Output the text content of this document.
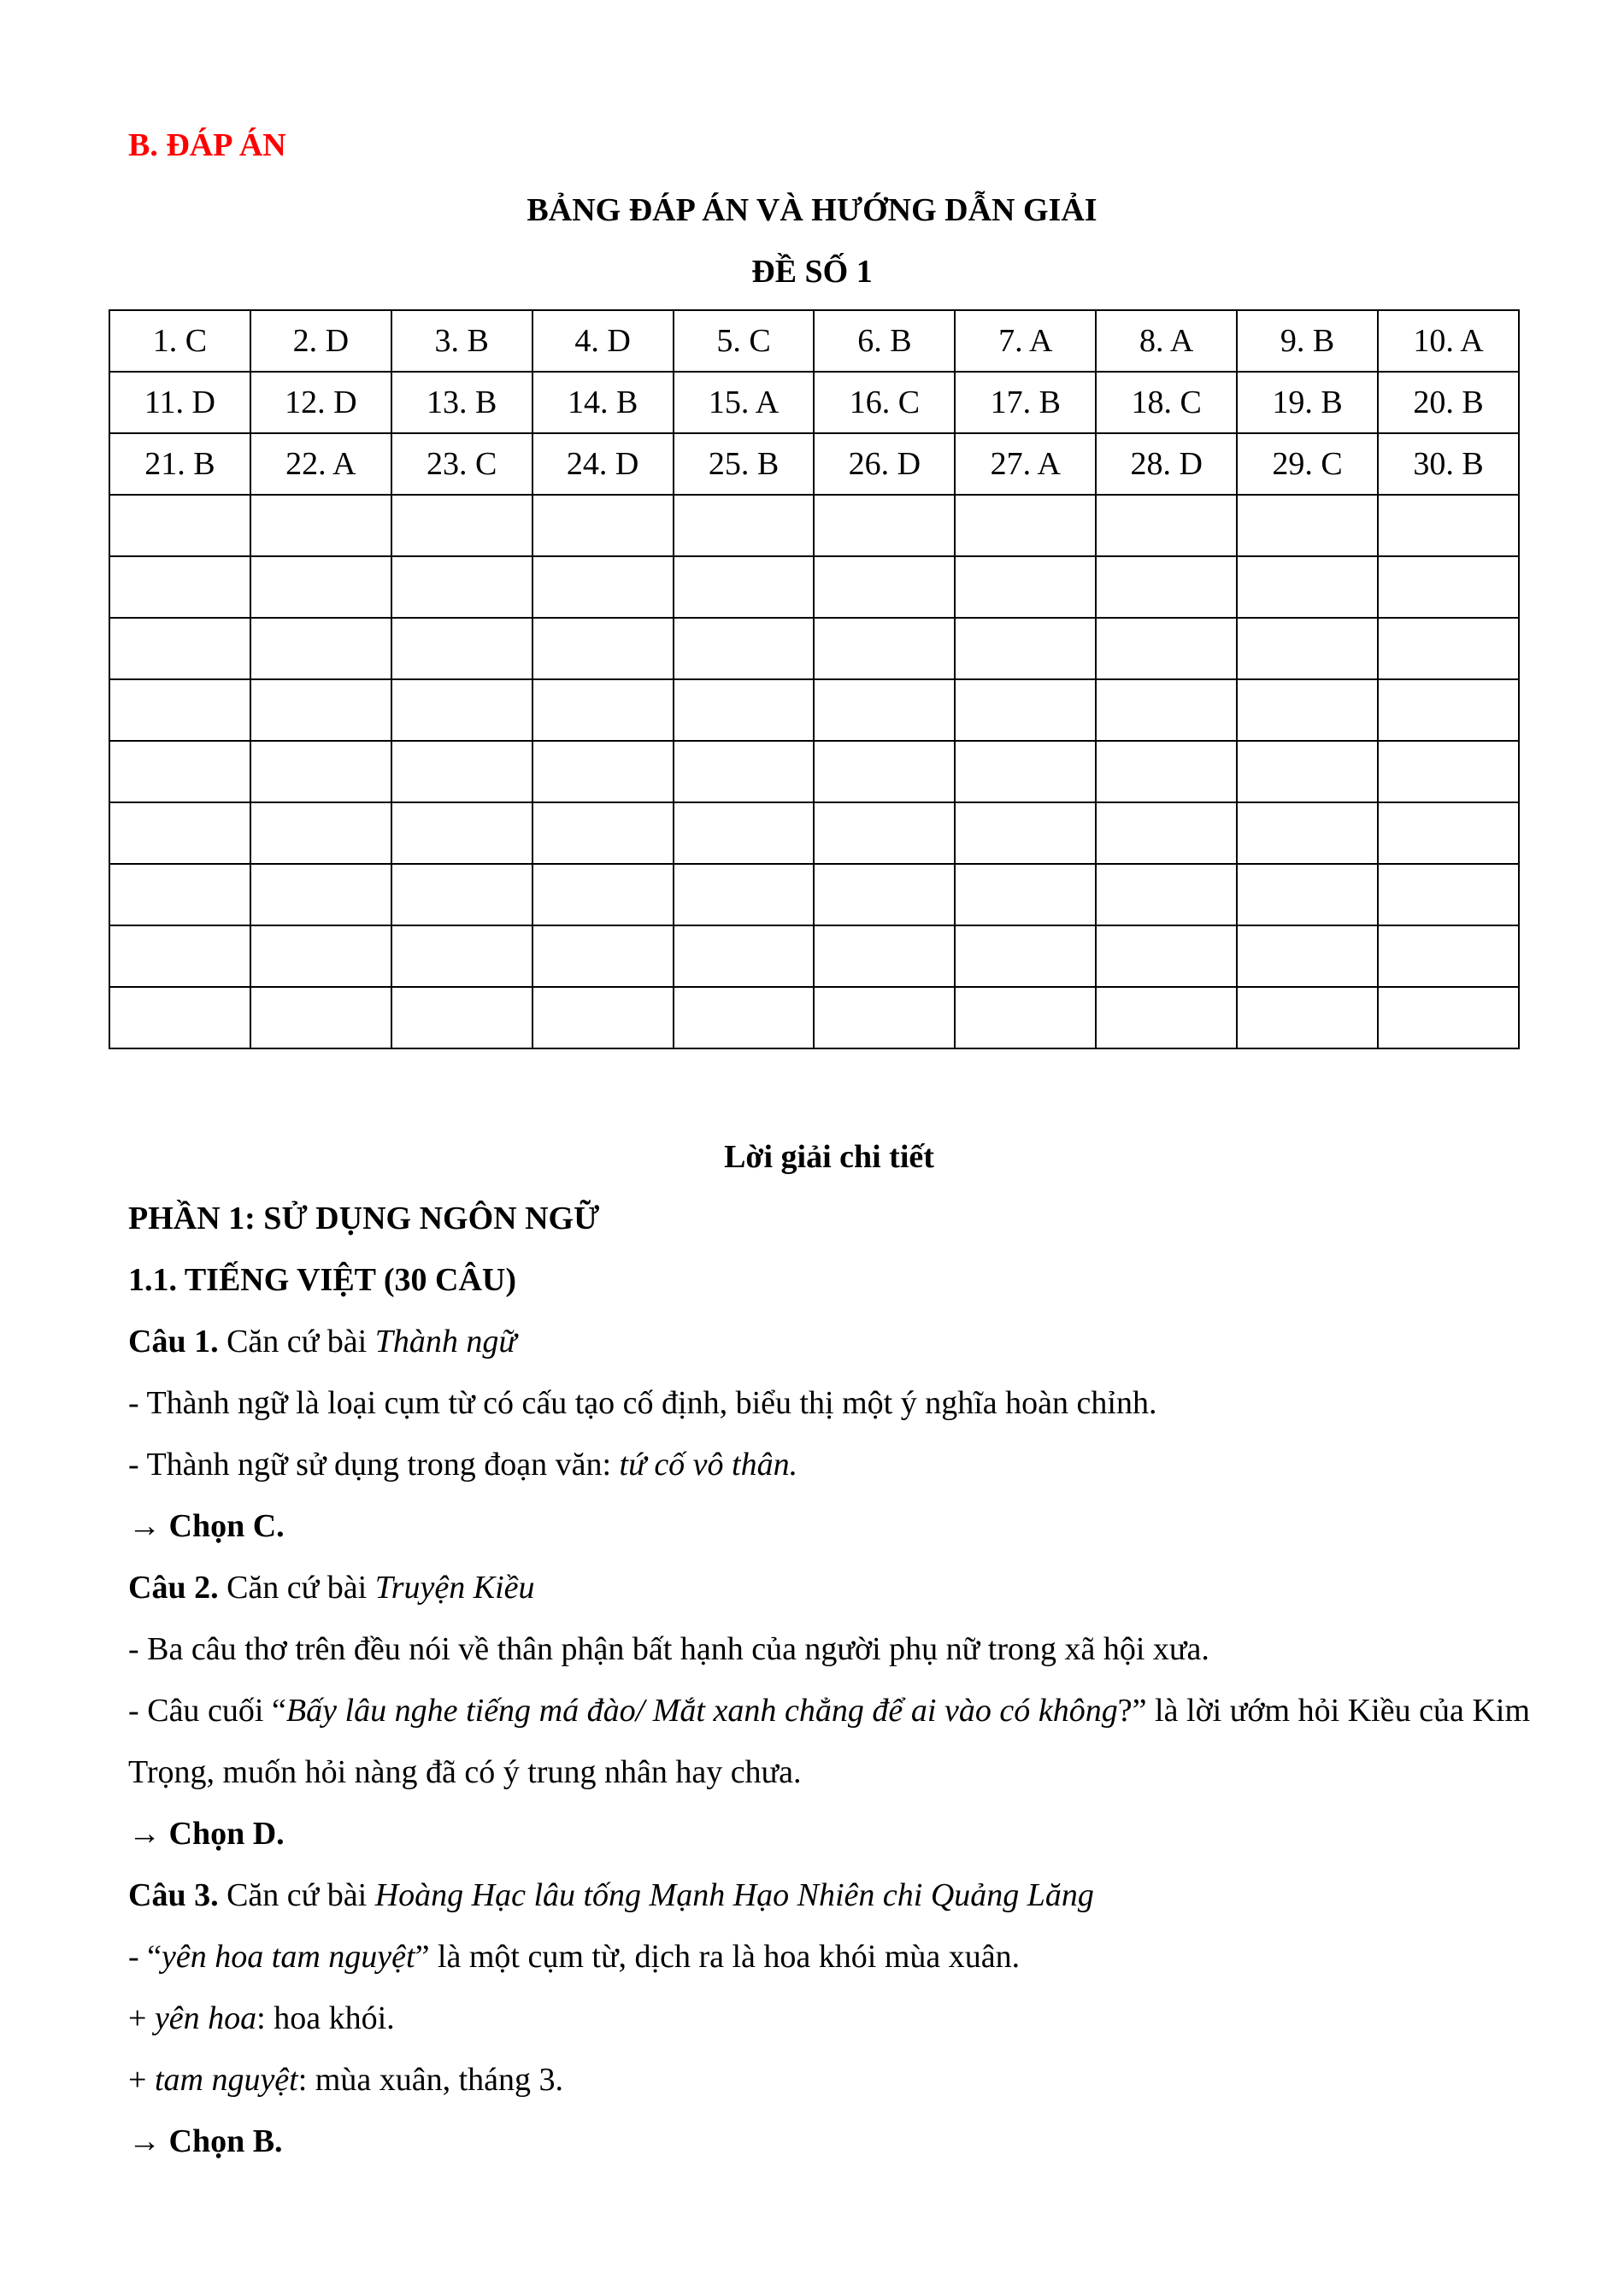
B. ĐÁP ÁN

BẢNG ĐÁP ÁN VÀ HƯỚNG DẪN GIẢI

ĐỀ SỐ 1

1. C	2. D	3. B	4. D	5. C	6. B	7. A	8. A	9. B	10. A
11. D	12. D	13. B	14. B	15. A	16. C	17. B	18. C	19. B	20. B
21. B	22. A	23. C	24. D	25. B	26. D	27. A	28. D	29. C	30. B

Lời giải chi tiết

PHẦN 1: SỬ DỤNG NGÔN NGỮ

1.1. TIẾNG VIỆT (30 CÂU)

Câu 1. Căn cứ bài Thành ngữ

- Thành ngữ là loại cụm từ có cấu tạo cố định, biểu thị một ý nghĩa hoàn chỉnh.

- Thành ngữ sử dụng trong đoạn văn: tứ cố vô thân.

→ Chọn C.

Câu 2. Căn cứ bài Truyện Kiều

- Ba câu thơ trên đều nói về thân phận bất hạnh của người phụ nữ trong xã hội xưa.

- Câu cuối “Bấy lâu nghe tiếng má đào/ Mắt xanh chẳng để ai vào có không?” là lời ướm hỏi Kiều của Kim Trọng, muốn hỏi nàng đã có ý trung nhân hay chưa.

→ Chọn D.

Câu 3. Căn cứ bài Hoàng Hạc lâu tống Mạnh Hạo Nhiên chi Quảng Lăng

- “yên hoa tam nguyệt” là một cụm từ, dịch ra là hoa khói mùa xuân.

+ yên hoa: hoa khói.

+ tam nguyệt: mùa xuân, tháng 3.

→ Chọn B.
